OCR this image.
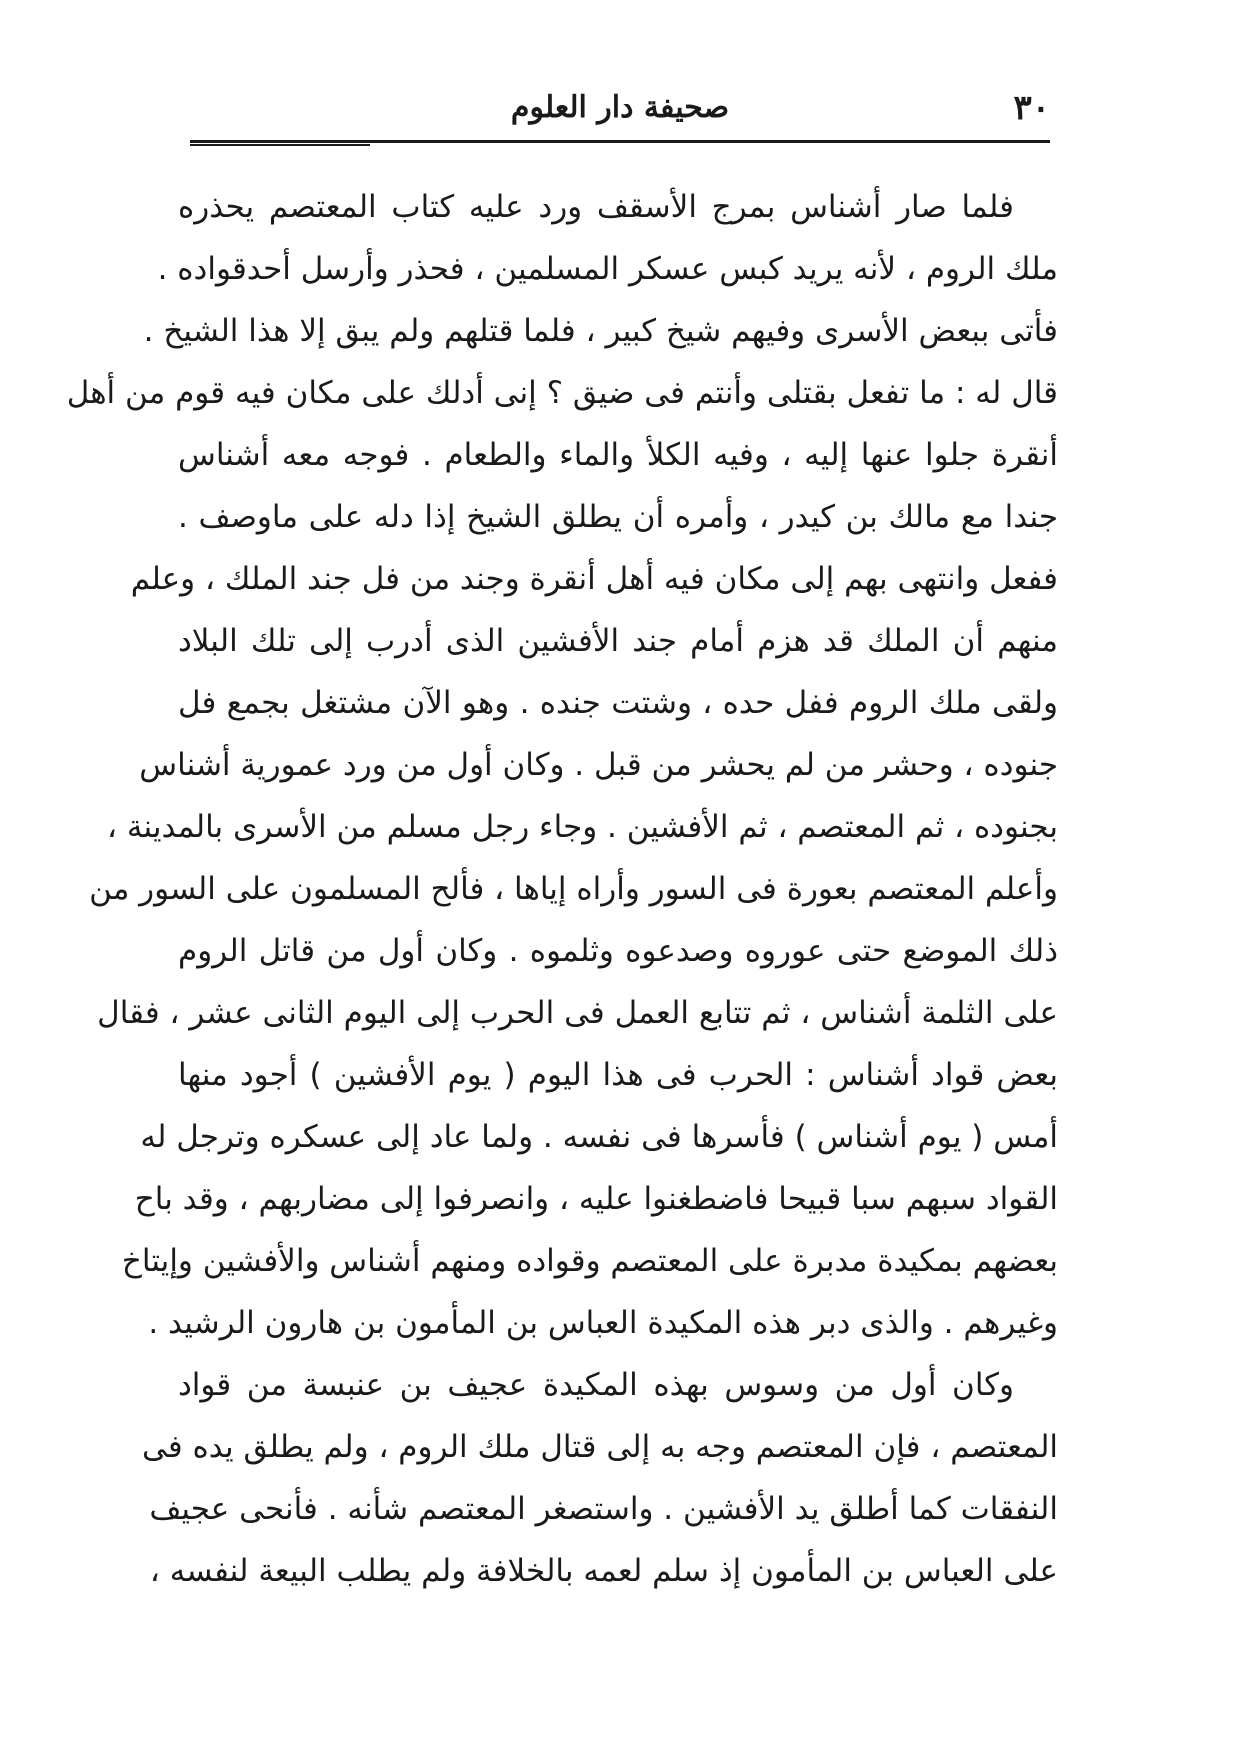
٣٠
صحيفة دار العلوم
فلما صار أشناس بمرج الأسقف ورد عليه كتاب المعتصم يحذره
ملك الروم ، لأنه يريد كبس عسكر المسلمين ، فحذر وأرسل أحدقواده .
فأتى ببعض الأسرى وفيهم شيخ كبير ، فلما قتلهم ولم يبق إلا هذا الشيخ .
قال له : ما تفعل بقتلى وأنتم فى ضيق ؟ إنى أدلك على مكان فيه قوم من أهل
أنقرة جلوا عنها إليه ، وفيه الكلأ والماء والطعام . فوجه معه أشناس
جندا مع مالك بن كيدر ، وأمره أن يطلق الشيخ إذا دله على ماوصف .
ففعل وانتهى بهم إلى مكان فيه أهل أنقرة وجند من فل جند الملك ، وعلم
منهم أن الملك قد هزم أمام جند الأفشين الذى أدرب إلى تلك البلاد
ولقى ملك الروم ففل حده ، وشتت جنده . وهو الآن مشتغل بجمع فل
جنوده ، وحشر من لم يحشر من قبل . وكان أول من ورد عمورية أشناس
بجنوده ، ثم المعتصم ، ثم الأفشين . وجاء رجل مسلم من الأسرى بالمدينة ،
وأعلم المعتصم بعورة فى السور وأراه إياها ، فألح المسلمون على السور من
ذلك الموضع حتى عوروه وصدعوه وثلموه . وكان أول من قاتل الروم
على الثلمة أشناس ، ثم تتابع العمل فى الحرب إلى اليوم الثانى عشر ، فقال
بعض قواد أشناس : الحرب فى هذا اليوم ( يوم الأفشين ) أجود منها
أمس ( يوم أشناس ) فأسرها فى نفسه . ولما عاد إلى عسكره وترجل له
القواد سبهم سبا قبيحا فاضطغنوا عليه ، وانصرفوا إلى مضاربهم ، وقد باح
بعضهم بمكيدة مدبرة على المعتصم وقواده ومنهم أشناس والأفشين وإيتاخ
وغيرهم . والذى دبر هذه المكيدة العباس بن المأمون بن هارون الرشيد .
وكان أول من وسوس بهذه المكيدة عجيف بن عنبسة من قواد
المعتصم ، فإن المعتصم وجه به إلى قتال ملك الروم ، ولم يطلق يده فى
النفقات كما أطلق يد الأفشين . واستصغر المعتصم شأنه . فأنحى عجيف
على العباس بن المأمون إذ سلم لعمه بالخلافة ولم يطلب البيعة لنفسه ،
